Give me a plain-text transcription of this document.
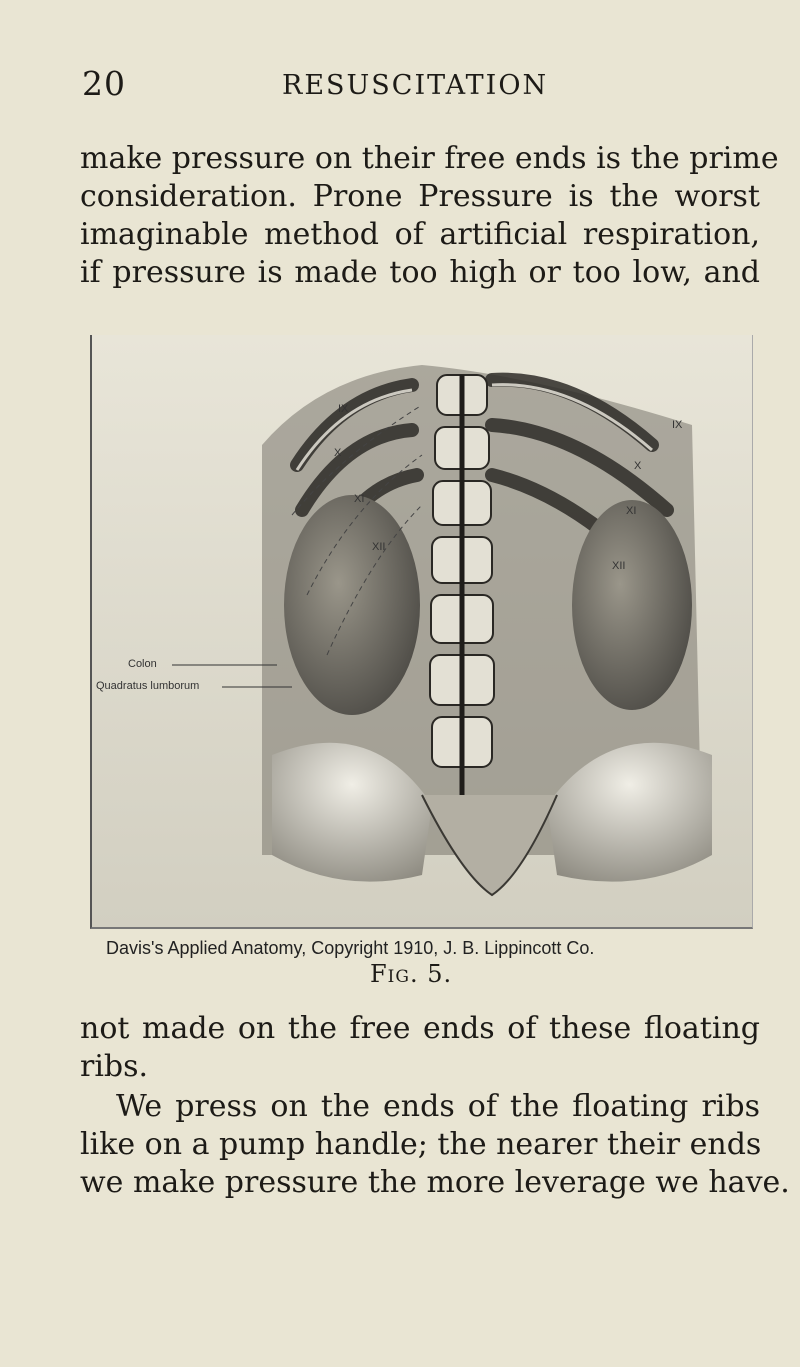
20	RESUSCITATION

make pressure on their free ends is the prime
consideration. Prone Pressure is the worst
imaginable method of artificial respiration,
if pressure is made too high or too low, and

Colon
Quadratus lumborum
IX
X
XI
XII
IX
X
XI
XII
Davis's Applied Anatomy, Copyright 1910, J. B. Lippincott Co.
Fig. 5.

not made on the free ends of these floating
ribs.

We press on the ends of the floating ribs
like on a pump handle; the nearer their ends
we make pressure the more leverage we have.
